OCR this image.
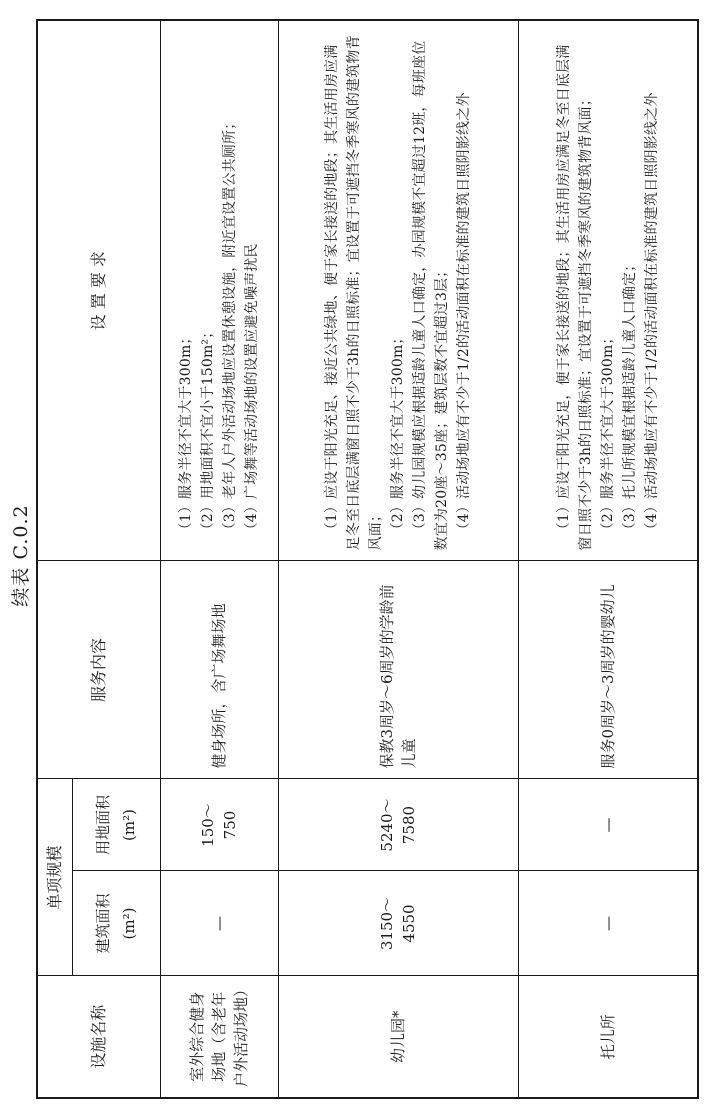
续表 C.0.2
设施名称	单项规模		服务内容	设 置 要 求

	建筑面积 (m²)	用地面积 (m²)		

室外综合健身场地（含老年户外活动场地）	—	150～750	健身场所，含广场舞场地	（1）服务半径不宜大于300m； （2）用地面积不宜小于150m²； （3）老年人户外活动场地应设置休憩设施，附近宜设置公共厕所； （4）广场舞等活动场地的设置应避免噪声扰民

幼儿园*	3150～4550	5240～7580	保教3周岁～6周岁的学龄前儿童	（1）应设于阳光充足、接近公共绿地、便于家长接送的地段；其生活用房应满足冬至日底层满窗日照不少于3h的日照标准；宜设置于可遮挡冬季寒风的建筑物背风面； （2）服务半径不宜大于300m； （3）幼儿园规模应根据适龄儿童人口确定，办园规模不宜超过12班，每班座位数宜为20座～35座；建筑层数不宜超过3层； （4）活动场地应有不少于1/2的活动面积在标准的建筑日照阴影线之外

托儿所	—	—	服务0周岁～3周岁的婴幼儿	（1）应设于阳光充足，便于家长接送的地段；其生活用房应满足冬至日底层满窗日照不少于3h的日照标准；宜设置于可遮挡冬季寒风的建筑物背风面； （2）服务半径不宜大于300m； （3）托儿所规模宜根据适龄儿童人口确定； （4）活动场地应有不少于1/2的活动面积在标准的建筑日照阴影线之外
